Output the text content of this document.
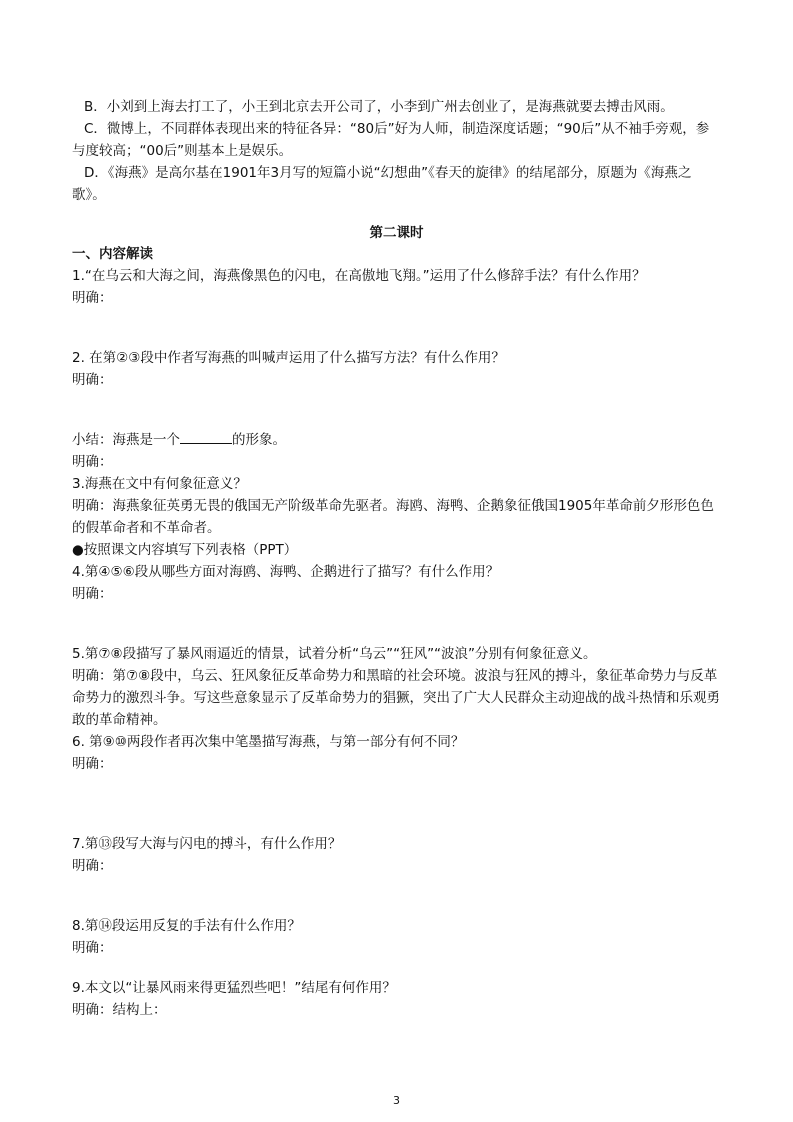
B．小刘到上海去打工了，小王到北京去开公司了，小李到广州去创业了，是海燕就要去搏击风雨。
C．微博上，不同群体表现出来的特征各异：“80后”好为人师，制造深度话题；“90后”从不袖手旁观，参与度较高；“00后”则基本上是娱乐。
D．《海燕》是高尔基在1901年3月写的短篇小说“幻想曲”《春天的旋律》的结尾部分，原题为《海燕之歌》。
第二课时
一、内容解读
1.“在乌云和大海之间，海燕像黑色的闪电，在高傲地飞翔。”运用了什么修辞手法？有什么作用？
明确：
2. 在第②③段中作者写海燕的叫喊声运用了什么描写方法？有什么作用？
明确：
小结：海燕是一个	的形象。
明确：
3.海燕在文中有何象征意义？
明确：海燕象征英勇无畏的俄国无产阶级革命先驱者。海鸥、海鸭、企鹅象征俄国1905年革命前夕形形色色的假革命者和不革命者。
●按照课文内容填写下列表格（PPT）
4.第④⑤⑥段从哪些方面对海鸥、海鸭、企鹅进行了描写？有什么作用？
明确：
5.第⑦⑧段描写了暴风雨逼近的情景，试着分析“乌云”“狂风”“波浪”分别有何象征意义。
明确：第⑦⑧段中，乌云、狂风象征反革命势力和黑暗的社会环境。波浪与狂风的搏斗，象征革命势力与反革命势力的激烈斗争。写这些意象显示了反革命势力的猖獗，突出了广大人民群众主动迎战的战斗热情和乐观勇敢的革命精神。
6. 第⑨⑩两段作者再次集中笔墨描写海燕，与第一部分有何不同？
明确：
7.第⑬段写大海与闪电的搏斗，有什么作用？
明确：
8.第⑭段运用反复的手法有什么作用？
明确：
9.本文以“让暴风雨来得更猛烈些吧！”结尾有何作用？
明确：结构上：
3
